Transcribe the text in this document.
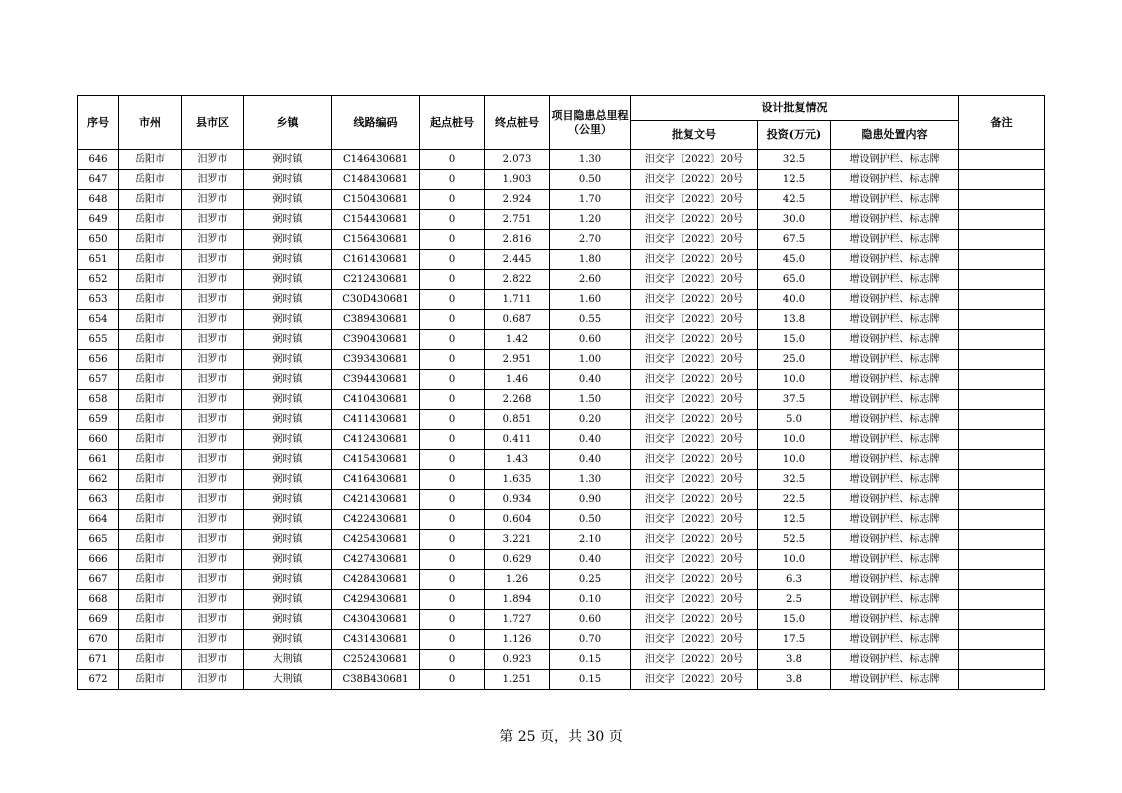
序号	市州	县市区	乡镇	线路编码	起点桩号	终点桩号	项目隐患总里程（公里）	设计批复情况			备注
								批复文号	投资(万元)	隐患处置内容	
646	岳阳市	汨罗市	弼时镇	C146430681	0	2.073	1.30	汨交字〔2022〕20号	32.5	增设钢护栏、标志牌	
647	岳阳市	汨罗市	弼时镇	C148430681	0	1.903	0.50	汨交字〔2022〕20号	12.5	增设钢护栏、标志牌	
648	岳阳市	汨罗市	弼时镇	C150430681	0	2.924	1.70	汨交字〔2022〕20号	42.5	增设钢护栏、标志牌	
649	岳阳市	汨罗市	弼时镇	C154430681	0	2.751	1.20	汨交字〔2022〕20号	30.0	增设钢护栏、标志牌	
650	岳阳市	汨罗市	弼时镇	C156430681	0	2.816	2.70	汨交字〔2022〕20号	67.5	增设钢护栏、标志牌	
651	岳阳市	汨罗市	弼时镇	C161430681	0	2.445	1.80	汨交字〔2022〕20号	45.0	增设钢护栏、标志牌	
652	岳阳市	汨罗市	弼时镇	C212430681	0	2.822	2.60	汨交字〔2022〕20号	65.0	增设钢护栏、标志牌	
653	岳阳市	汨罗市	弼时镇	C30D430681	0	1.711	1.60	汨交字〔2022〕20号	40.0	增设钢护栏、标志牌	
654	岳阳市	汨罗市	弼时镇	C389430681	0	0.687	0.55	汨交字〔2022〕20号	13.8	增设钢护栏、标志牌	
655	岳阳市	汨罗市	弼时镇	C390430681	0	1.42	0.60	汨交字〔2022〕20号	15.0	增设钢护栏、标志牌	
656	岳阳市	汨罗市	弼时镇	C393430681	0	2.951	1.00	汨交字〔2022〕20号	25.0	增设钢护栏、标志牌	
657	岳阳市	汨罗市	弼时镇	C394430681	0	1.46	0.40	汨交字〔2022〕20号	10.0	增设钢护栏、标志牌	
658	岳阳市	汨罗市	弼时镇	C410430681	0	2.268	1.50	汨交字〔2022〕20号	37.5	增设钢护栏、标志牌	
659	岳阳市	汨罗市	弼时镇	C411430681	0	0.851	0.20	汨交字〔2022〕20号	5.0	增设钢护栏、标志牌	
660	岳阳市	汨罗市	弼时镇	C412430681	0	0.411	0.40	汨交字〔2022〕20号	10.0	增设钢护栏、标志牌	
661	岳阳市	汨罗市	弼时镇	C415430681	0	1.43	0.40	汨交字〔2022〕20号	10.0	增设钢护栏、标志牌	
662	岳阳市	汨罗市	弼时镇	C416430681	0	1.635	1.30	汨交字〔2022〕20号	32.5	增设钢护栏、标志牌	
663	岳阳市	汨罗市	弼时镇	C421430681	0	0.934	0.90	汨交字〔2022〕20号	22.5	增设钢护栏、标志牌	
664	岳阳市	汨罗市	弼时镇	C422430681	0	0.604	0.50	汨交字〔2022〕20号	12.5	增设钢护栏、标志牌	
665	岳阳市	汨罗市	弼时镇	C425430681	0	3.221	2.10	汨交字〔2022〕20号	52.5	增设钢护栏、标志牌	
666	岳阳市	汨罗市	弼时镇	C427430681	0	0.629	0.40	汨交字〔2022〕20号	10.0	增设钢护栏、标志牌	
667	岳阳市	汨罗市	弼时镇	C428430681	0	1.26	0.25	汨交字〔2022〕20号	6.3	增设钢护栏、标志牌	
668	岳阳市	汨罗市	弼时镇	C429430681	0	1.894	0.10	汨交字〔2022〕20号	2.5	增设钢护栏、标志牌	
669	岳阳市	汨罗市	弼时镇	C430430681	0	1.727	0.60	汨交字〔2022〕20号	15.0	增设钢护栏、标志牌	
670	岳阳市	汨罗市	弼时镇	C431430681	0	1.126	0.70	汨交字〔2022〕20号	17.5	增设钢护栏、标志牌	
671	岳阳市	汨罗市	大荆镇	C252430681	0	0.923	0.15	汨交字〔2022〕20号	3.8	增设钢护栏、标志牌	
672	岳阳市	汨罗市	大荆镇	C38B430681	0	1.251	0.15	汨交字〔2022〕20号	3.8	增设钢护栏、标志牌	
第 25 页，共 30 页
